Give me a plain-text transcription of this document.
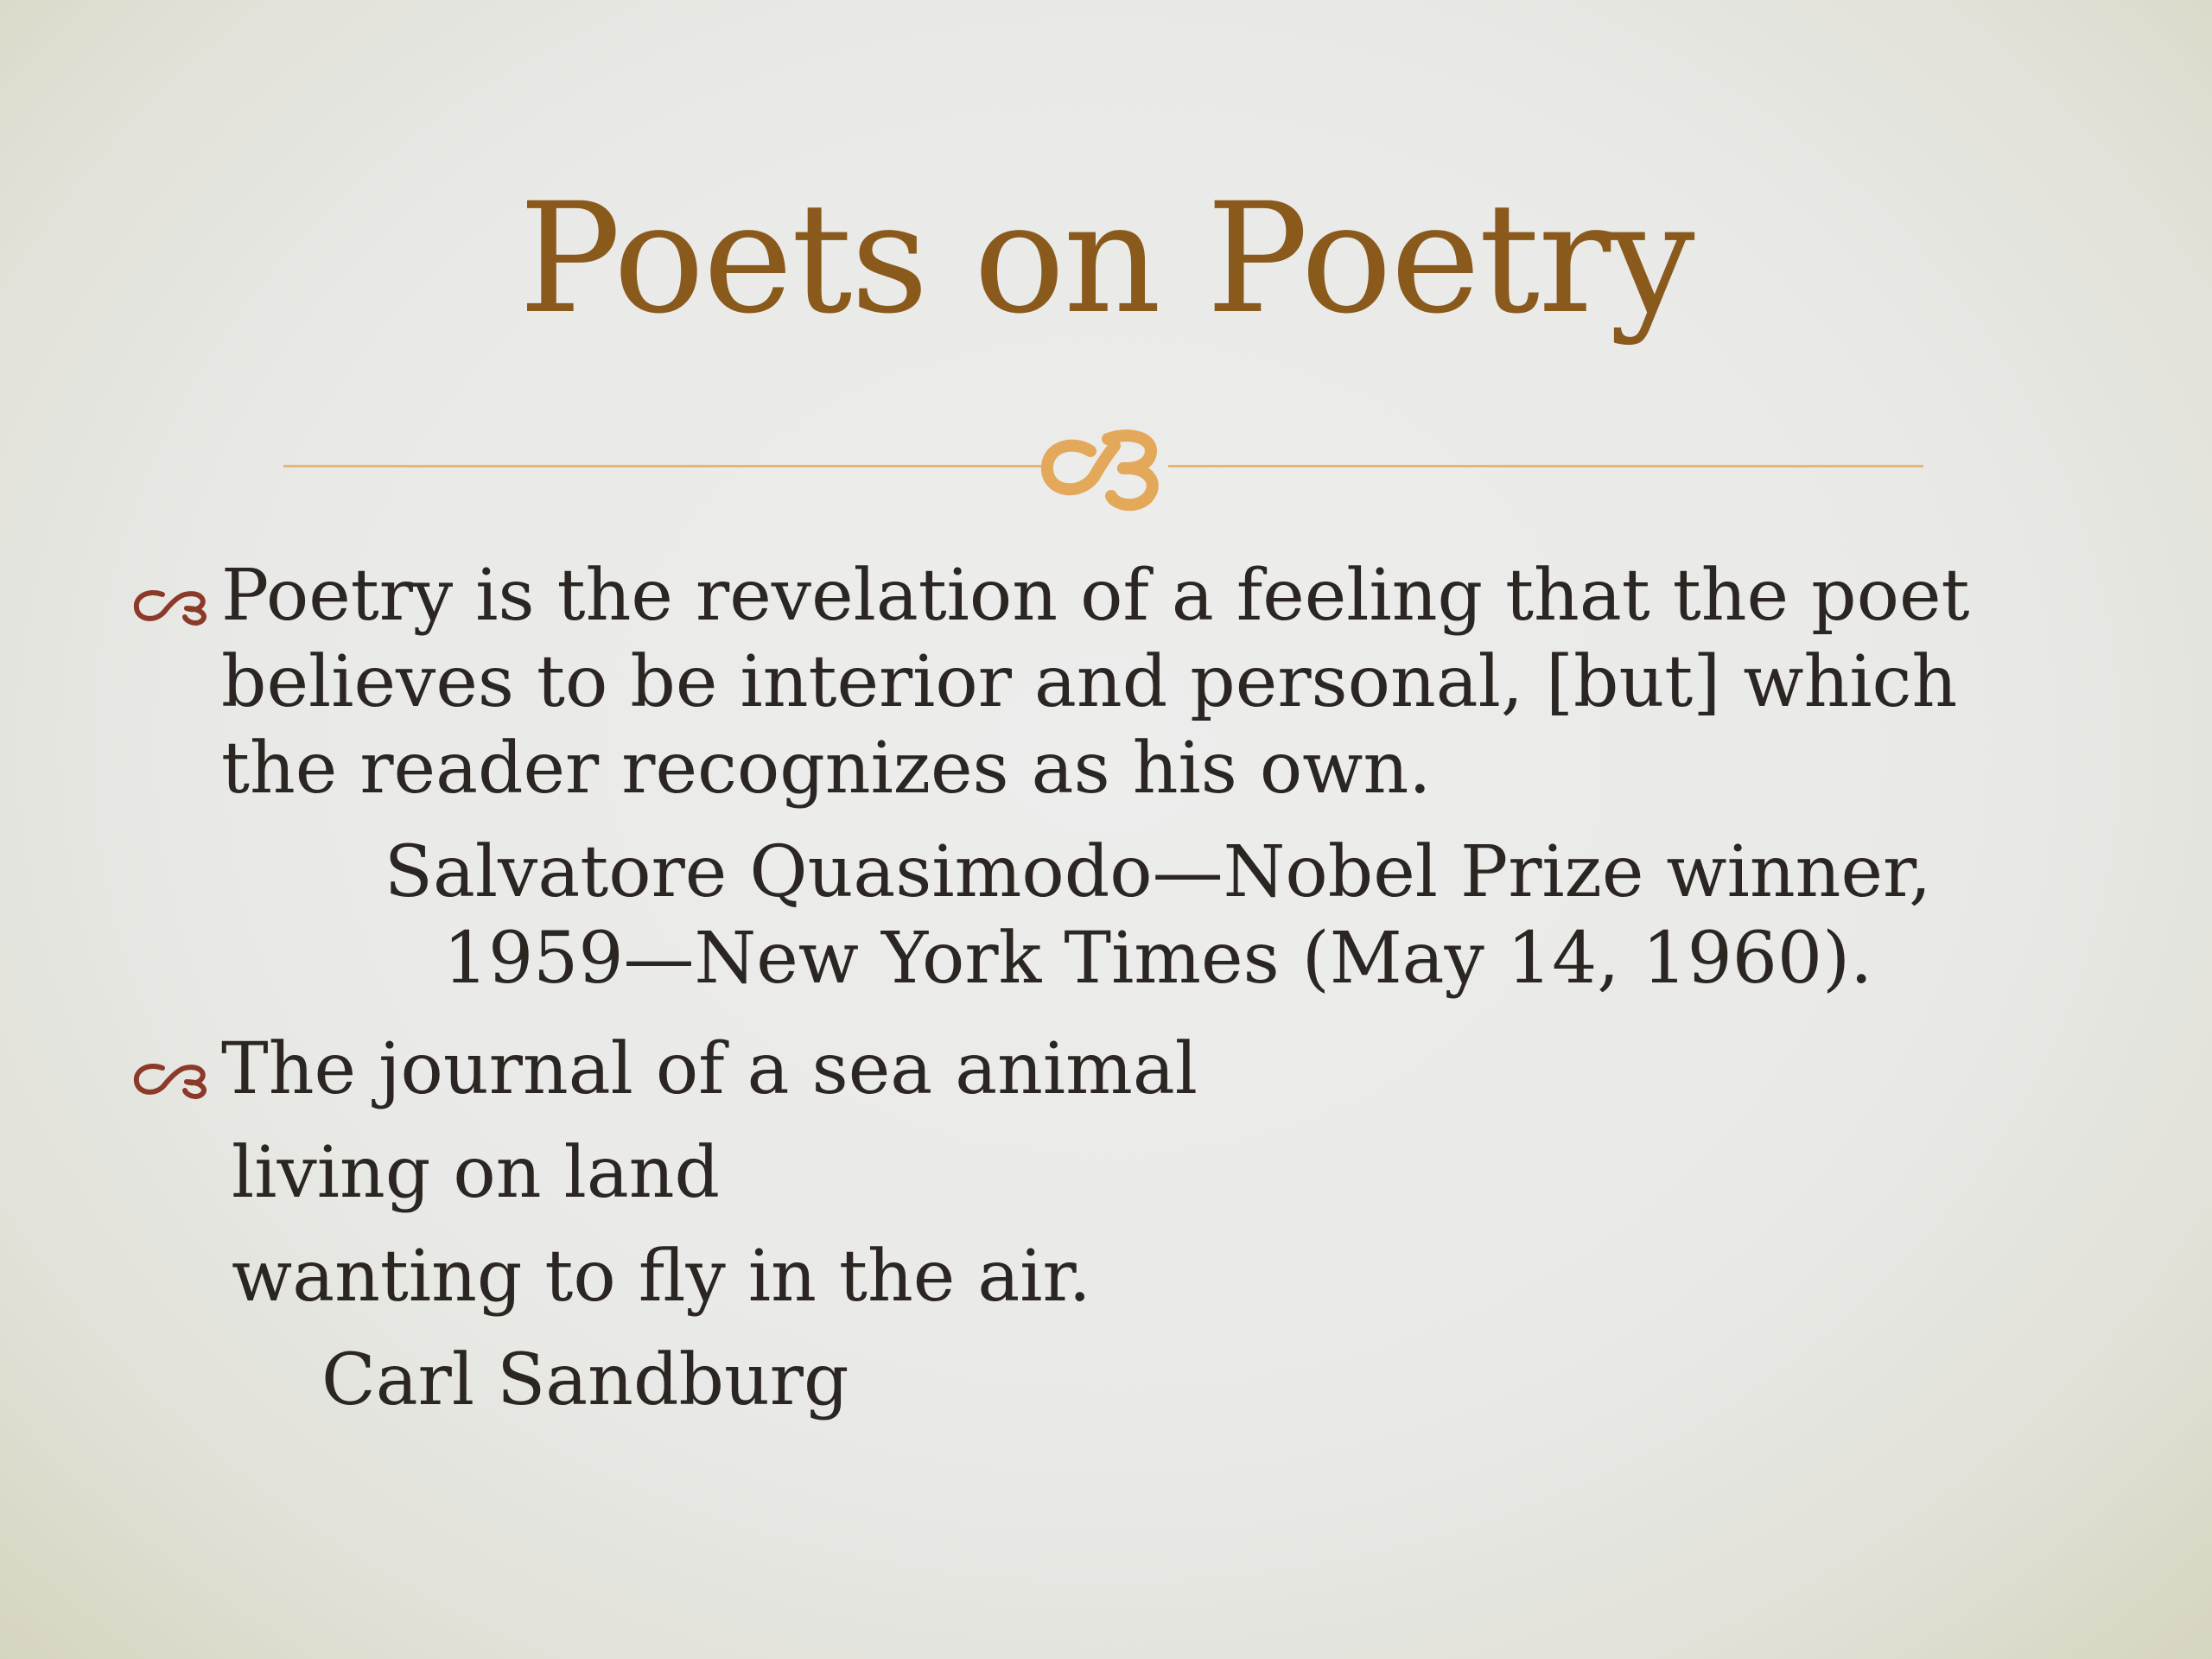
Poets on Poetry
Poetry is the revelation of a feeling that the poet believes to be interior and personal, [but] which the reader recognizes as his own.
Salvatore Quasimodo—Nobel Prize winner,
1959—New York Times (May 14, 1960).
The journal of a sea animal
living on land
wanting to fly in the air.
Carl Sandburg
